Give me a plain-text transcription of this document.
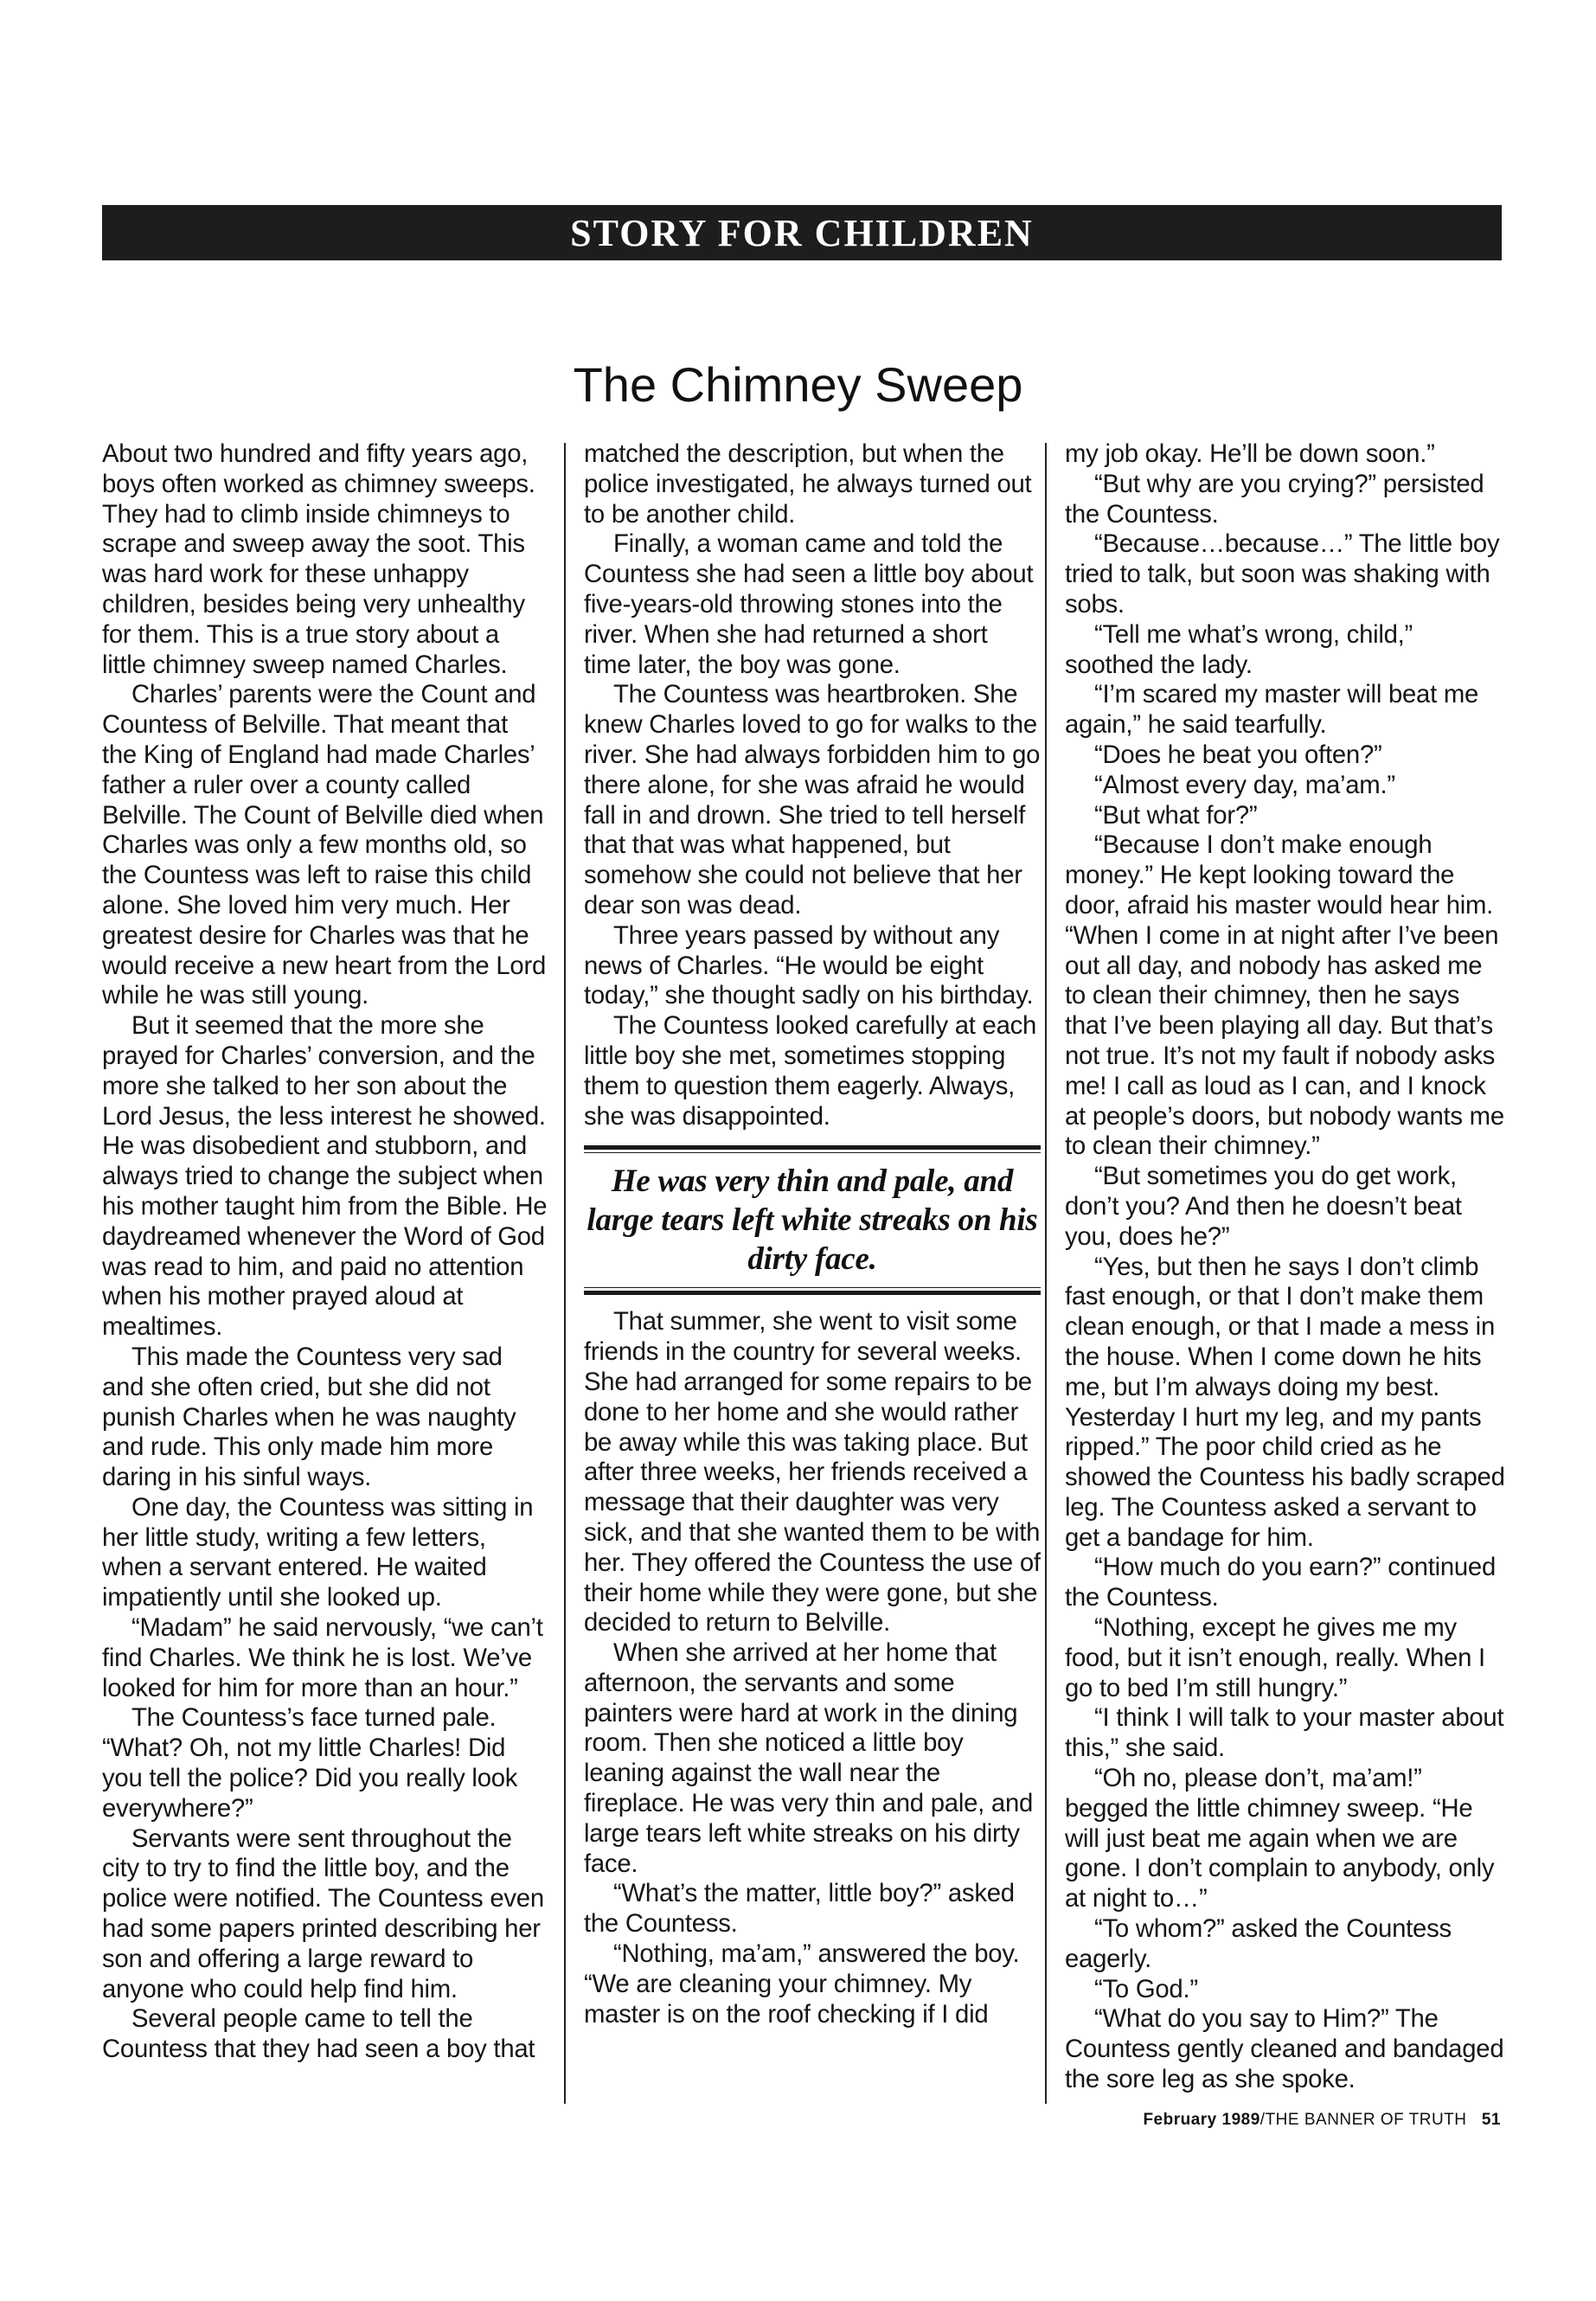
STORY FOR CHILDREN
The Chimney Sweep

About two hundred and fifty years ago, boys often worked as chimney sweeps. They had to climb inside chimneys to scrape and sweep away the soot. This was hard work for these unhappy children, besides being very unhealthy for them. This is a true story about a little chimney sweep named Charles.

Charles’ parents were the Count and Countess of Belville. That meant that the King of England had made Charles’ father a ruler over a county called Belville. The Count of Belville died when Charles was only a few months old, so the Countess was left to raise this child alone. She loved him very much. Her greatest desire for Charles was that he would receive a new heart from the Lord while he was still young.

But it seemed that the more she prayed for Charles’ conversion, and the more she talked to her son about the Lord Jesus, the less interest he showed. He was disobedient and stubborn, and always tried to change the subject when his mother taught him from the Bible. He daydreamed whenever the Word of God was read to him, and paid no attention when his mother prayed aloud at mealtimes.

This made the Countess very sad and she often cried, but she did not punish Charles when he was naughty and rude. This only made him more daring in his sinful ways.

One day, the Countess was sitting in her little study, writing a few letters, when a servant entered. He waited impatiently until she looked up.

“Madam” he said nervously, “we can’t find Charles. We think he is lost. We’ve looked for him for more than an hour.”

The Countess’s face turned pale. “What? Oh, not my little Charles! Did you tell the police? Did you really look everywhere?”

Servants were sent throughout the city to try to find the little boy, and the police were notified. The Countess even had some papers printed describing her son and offering a large reward to anyone who could help find him.

Several people came to tell the Countess that they had seen a boy that

matched the description, but when the police investigated, he always turned out to be another child.

Finally, a woman came and told the Countess she had seen a little boy about five-years-old throwing stones into the river. When she had returned a short time later, the boy was gone.

The Countess was heartbroken. She knew Charles loved to go for walks to the river. She had always forbidden him to go there alone, for she was afraid he would fall in and drown. She tried to tell herself that that was what happened, but somehow she could not believe that her dear son was dead.

Three years passed by without any news of Charles. “He would be eight today,” she thought sadly on his birthday.

The Countess looked carefully at each little boy she met, sometimes stopping them to question them eagerly. Always, she was disappointed.

He was very thin and pale, and large tears left white streaks on his dirty face.

That summer, she went to visit some friends in the country for several weeks. She had arranged for some repairs to be done to her home and she would rather be away while this was taking place. But after three weeks, her friends received a message that their daughter was very sick, and that she wanted them to be with her. They offered the Countess the use of their home while they were gone, but she decided to return to Belville.

When she arrived at her home that afternoon, the servants and some painters were hard at work in the dining room. Then she noticed a little boy leaning against the wall near the fireplace. He was very thin and pale, and large tears left white streaks on his dirty face.

“What’s the matter, little boy?” asked the Countess.

“Nothing, ma’am,” answered the boy. “We are cleaning your chimney. My master is on the roof checking if I did

my job okay. He’ll be down soon.”

“But why are you crying?” persisted the Countess.

“Because…because…” The little boy tried to talk, but soon was shaking with sobs.

“Tell me what’s wrong, child,” soothed the lady.

“I’m scared my master will beat me again,” he said tearfully.

“Does he beat you often?”

“Almost every day, ma’am.”

“But what for?”

“Because I don’t make enough money.” He kept looking toward the door, afraid his master would hear him. “When I come in at night after I’ve been out all day, and nobody has asked me to clean their chimney, then he says that I’ve been playing all day. But that’s not true. It’s not my fault if nobody asks me! I call as loud as I can, and I knock at people’s doors, but nobody wants me to clean their chimney.”

“But sometimes you do get work, don’t you? And then he doesn’t beat you, does he?”

“Yes, but then he says I don’t climb fast enough, or that I don’t make them clean enough, or that I made a mess in the house. When I come down he hits me, but I’m always doing my best. Yesterday I hurt my leg, and my pants ripped.” The poor child cried as he showed the Countess his badly scraped leg. The Countess asked a servant to get a bandage for him.

“How much do you earn?” continued the Countess.

“Nothing, except he gives me my food, but it isn’t enough, really. When I go to bed I’m still hungry.”

“I think I will talk to your master about this,” she said.

“Oh no, please don’t, ma’am!” begged the little chimney sweep. “He will just beat me again when we are gone. I don’t complain to anybody, only at night to…”

“To whom?” asked the Countess eagerly.

“To God.”

“What do you say to Him?” The Countess gently cleaned and bandaged the sore leg as she spoke.

February 1989/THE BANNER OF TRUTH 51
